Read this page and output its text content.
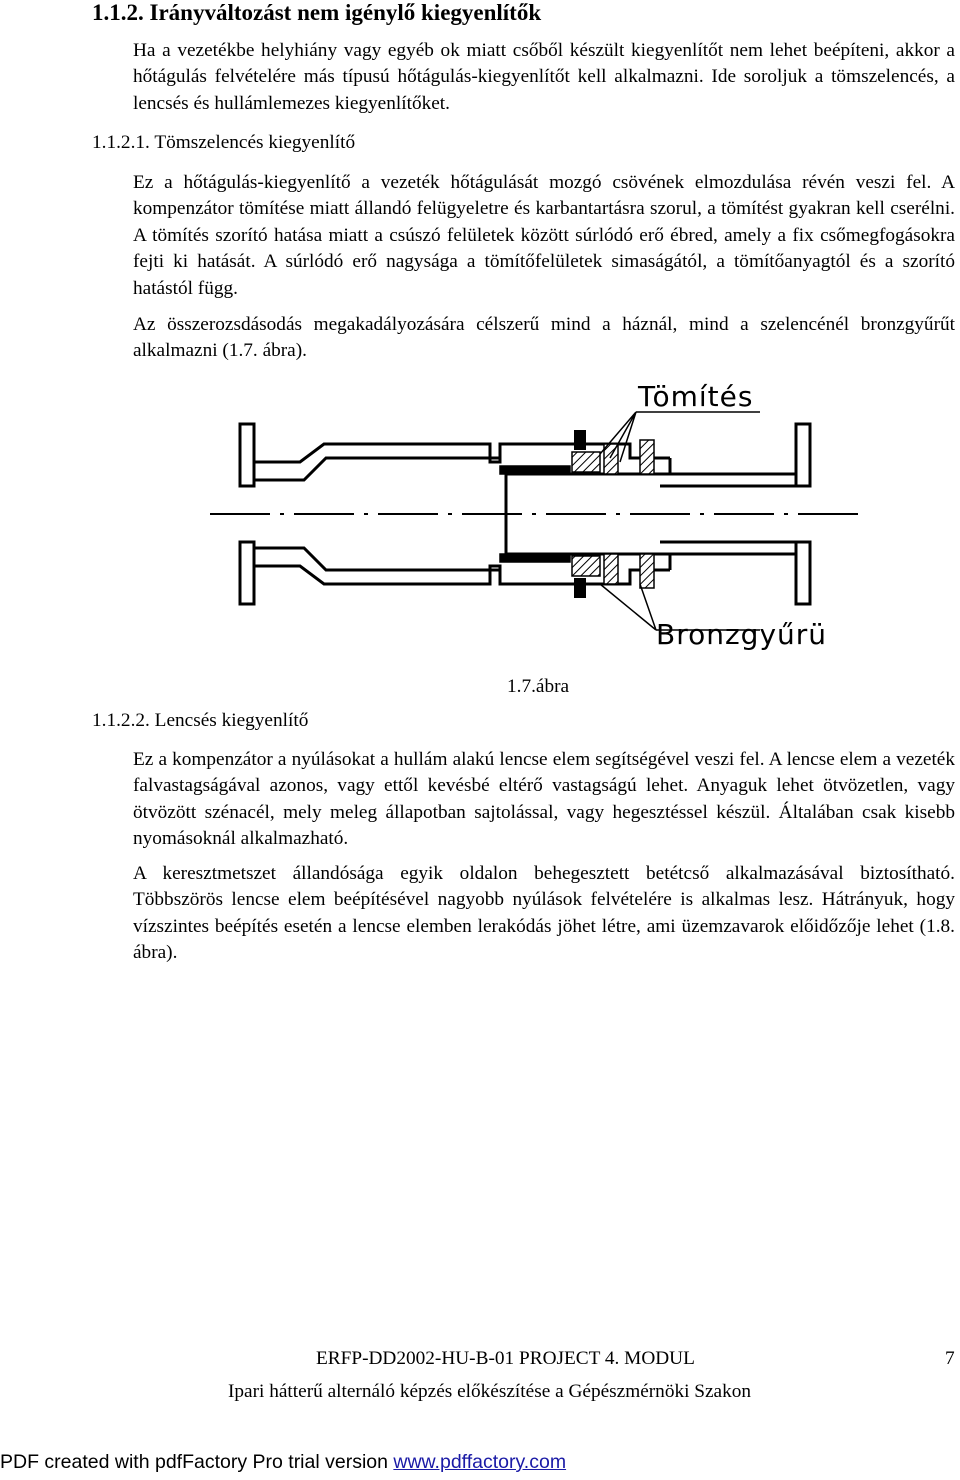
1.1.2. Irányváltozást nem igénylő kiegyenlítők

Ha a vezetékbe helyhiány vagy egyéb ok miatt csőből készült kiegyenlítőt nem lehet beépíteni, akkor a hőtágulás felvételére más típusú hőtágulás-kiegyenlítőt kell alkalmazni. Ide soroljuk a tömszelencés, a lencsés és hullámlemezes kiegyenlítőket.

1.1.2.1. Tömszelencés kiegyenlítő

Ez a hőtágulás-kiegyenlítő a vezeték hőtágulását mozgó csövének elmozdulása révén veszi fel. A kompenzátor tömítése miatt állandó felügyeletre és karbantartásra szorul, a tömítést gyakran kell cserélni. A tömítés szorító hatása miatt a csúszó felületek között súrlódó erő ébred, amely a fix csőmegfogásokra fejti ki hatását. A súrlódó erő nagysága a tömítőfelületek simaságától, a tömítőanyagtól és a szorító hatástól függ.

Az összerozsdásodás megakadályozására célszerű mind a háznál, mind a szelencénél bronzgyűrűt alkalmazni (1.7. ábra).

Tömítés
Bronzgyűrü
1.7.ábra
1.1.2.2. Lencsés kiegyenlítő

Ez a kompenzátor a nyúlásokat a hullám alakú lencse elem segítségével veszi fel. A lencse elem a vezeték falvastagságával azonos, vagy ettől kevésbé eltérő vastagságú lehet. Anyaguk lehet ötvözetlen, vagy ötvözött szénacél, mely meleg állapotban sajtolással, vagy hegesztéssel készül. Általában csak kisebb nyomásoknál alkalmazható.

A keresztmetszet állandósága egyik oldalon behegesztett betétcső alkalmazásával biztosítható. Többszörös lencse elem beépítésével nagyobb nyúlások felvételére is alkalmas lesz. Hátrányuk, hogy vízszintes beépítés esetén a lencse elemben lerakódás jöhet létre, ami üzemzavarok előidőzője lehet (1.8. ábra).

ERFP-DD2002-HU-B-01 PROJECT 4. MODUL	7
Ipari hátterű alternáló képzés előkészítése a Gépészmérnöki Szakon
PDF created with pdfFactory Pro trial version www.pdffactory.com
